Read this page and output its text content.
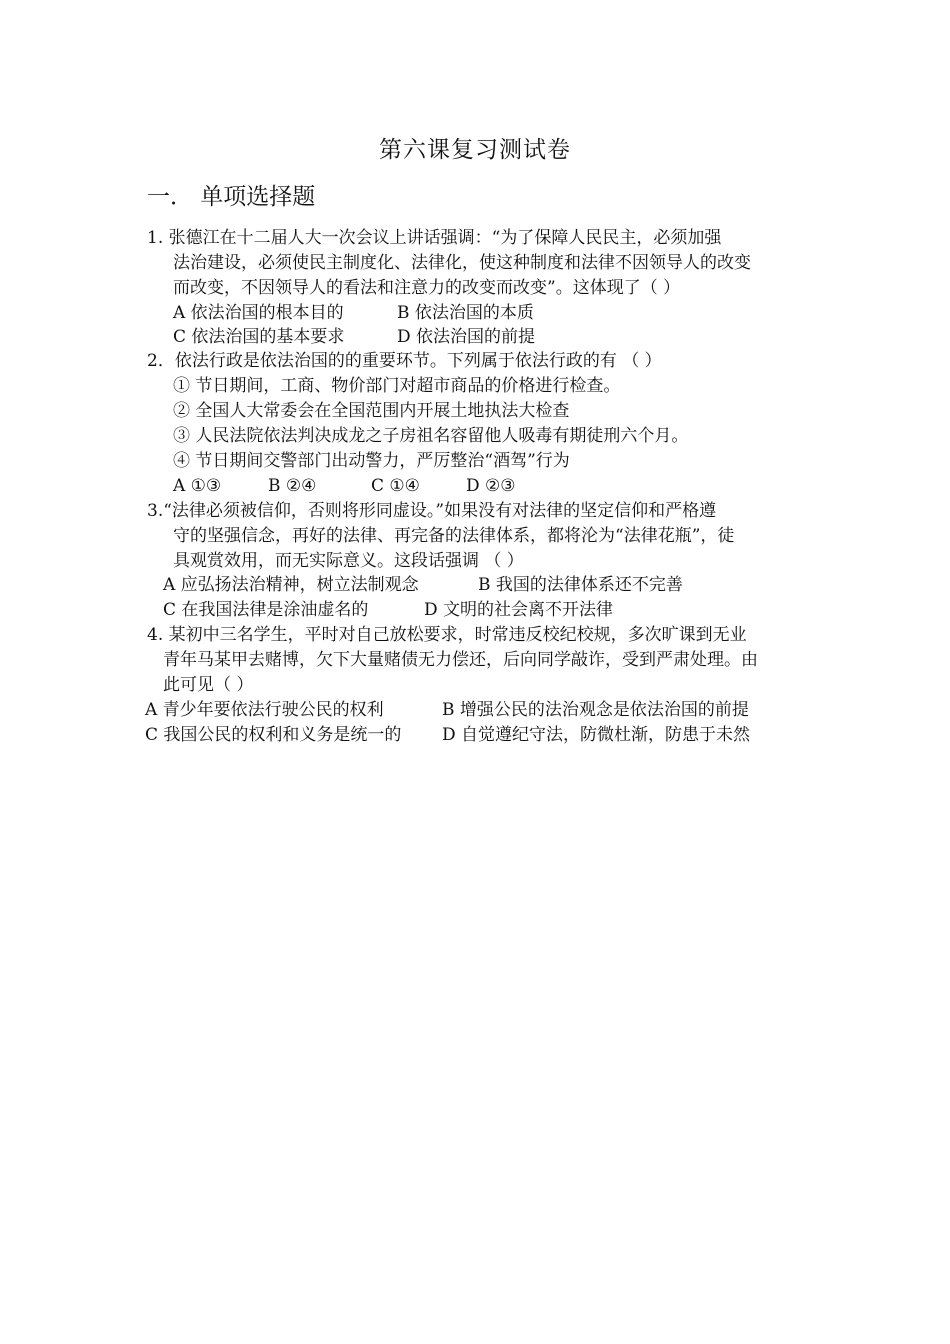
第六课复习测试卷
一． 单项选择题
1. 张德江在十二届人大一次会议上讲话强调：“为了保障人民民主，必须加强
法治建设，必须使民主制度化、法律化，使这种制度和法律不因领导人的改变
而改变，不因领导人的看法和注意力的改变而改变”。这体现了（ ）
A 依法治国的根本目的	B 依法治国的本质
C 依法治国的基本要求	D 依法治国的前提
2．依法行政是依法治国的的重要环节。下列属于依法行政的有 （ ）
① 节日期间，工商、物价部门对超市商品的价格进行检查。
② 全国人大常委会在全国范围内开展土地执法大检查
③ 人民法院依法判决成龙之子房祖名容留他人吸毒有期徒刑六个月。
④ 节日期间交警部门出动警力，严厉整治“酒驾”行为
A ①③	B ②④	C ①④	D ②③
3.“法律必须被信仰，否则将形同虚设。”如果没有对法律的坚定信仰和严格遵
守的坚强信念，再好的法律、再完备的法律体系，都将沦为“法律花瓶”，徒
具观赏效用，而无实际意义。这段话强调 （ ）
A 应弘扬法治精神，树立法制观念	B 我国的法律体系还不完善
C 在我国法律是涂油虚名的	D 文明的社会离不开法律
4. 某初中三名学生，平时对自己放松要求，时常违反校纪校规，多次旷课到无业
青年马某甲去赌博，欠下大量赌债无力偿还，后向同学敲诈，受到严肃处理。由
此可见（ ）
A 青少年要依法行驶公民的权利	B 增强公民的法治观念是依法治国的前提
C 我国公民的权利和义务是统一的 D 自觉遵纪守法，防微杜渐，防患于未然
